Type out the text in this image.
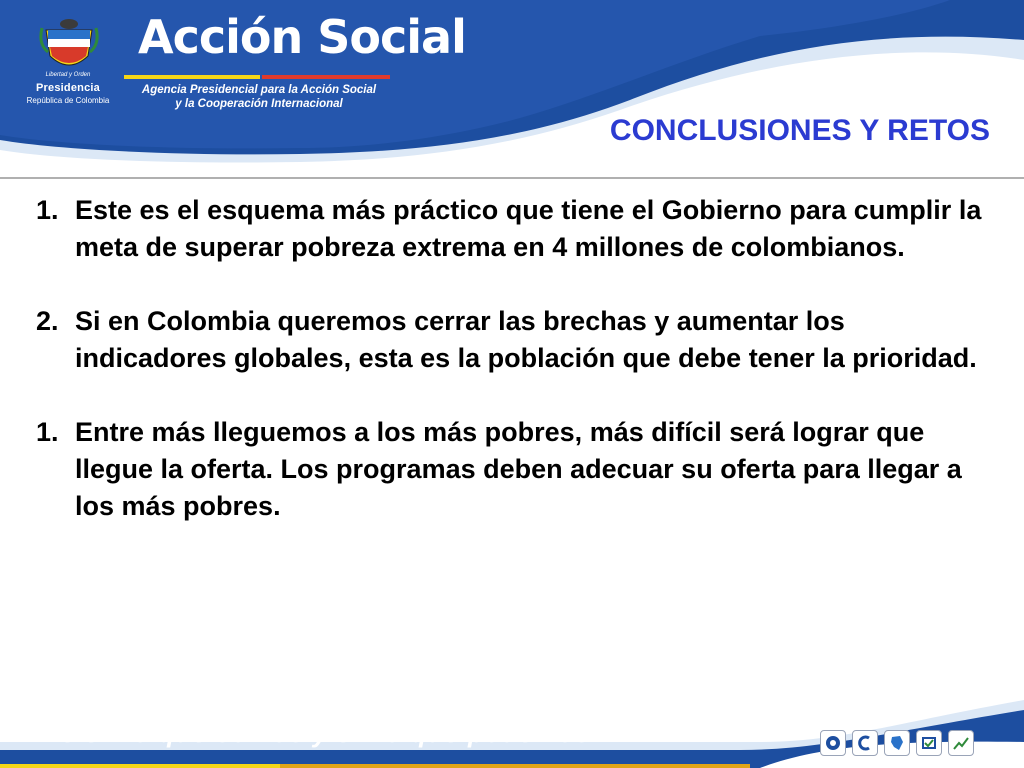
Libertad y Orden
Presidencia
República de Colombia
Acción Social
Agencia Presidencial para la Acción Social
y la Cooperación Internacional
CONCLUSIONES Y RETOS
1. Este es el esquema más práctico que tiene el Gobierno para cumplir la meta de superar pobreza extrema en 4 millones de colombianos.
2. Si en Colombia queremos cerrar las brechas y aumentar los indicadores globales, esta es la población que debe tener la prioridad.
1. Entre más lleguemos a los más pobres, más difícil será lograr que llegue la oferta. Los programas deben adecuar su oferta para llegar a los más pobres.
Fe en lo que somos y en lo que podemos.
